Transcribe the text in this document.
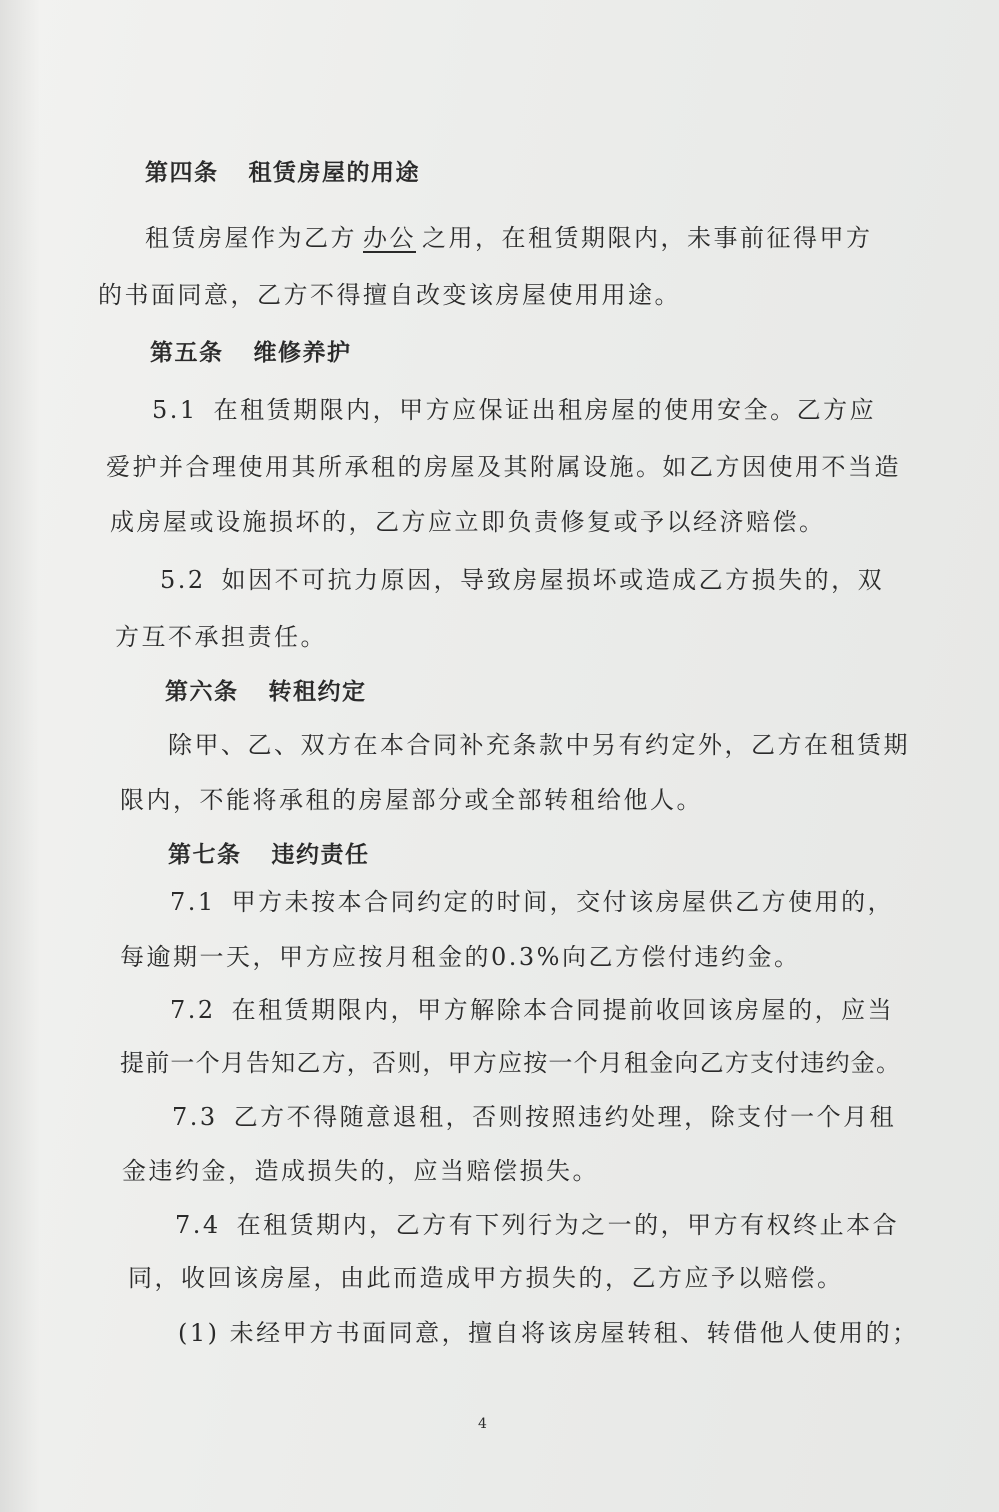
第四条 租赁房屋的用途
租赁房屋作为乙方 办公 之用，在租赁期限内，未事前征得甲方
的书面同意，乙方不得擅自改变该房屋使用用途。
第五条 维修养护
5.1 在租赁期限内，甲方应保证出租房屋的使用安全。乙方应
爱护并合理使用其所承租的房屋及其附属设施。如乙方因使用不当造
成房屋或设施损坏的，乙方应立即负责修复或予以经济赔偿。
5.2 如因不可抗力原因，导致房屋损坏或造成乙方损失的，双
方互不承担责任。
第六条 转租约定
除甲、乙、双方在本合同补充条款中另有约定外，乙方在租赁期
限内，不能将承租的房屋部分或全部转租给他人。
第七条 违约责任
7.1 甲方未按本合同约定的时间，交付该房屋供乙方使用的，
每逾期一天，甲方应按月租金的0.3%向乙方偿付违约金。
7.2 在租赁期限内，甲方解除本合同提前收回该房屋的，应当
提前一个月告知乙方，否则，甲方应按一个月租金向乙方支付违约金。
7.3 乙方不得随意退租，否则按照违约处理，除支付一个月租
金违约金，造成损失的，应当赔偿损失。
7.4 在租赁期内，乙方有下列行为之一的，甲方有权终止本合
同，收回该房屋，由此而造成甲方损失的，乙方应予以赔偿。
(1) 未经甲方书面同意，擅自将该房屋转租、转借他人使用的；
4
